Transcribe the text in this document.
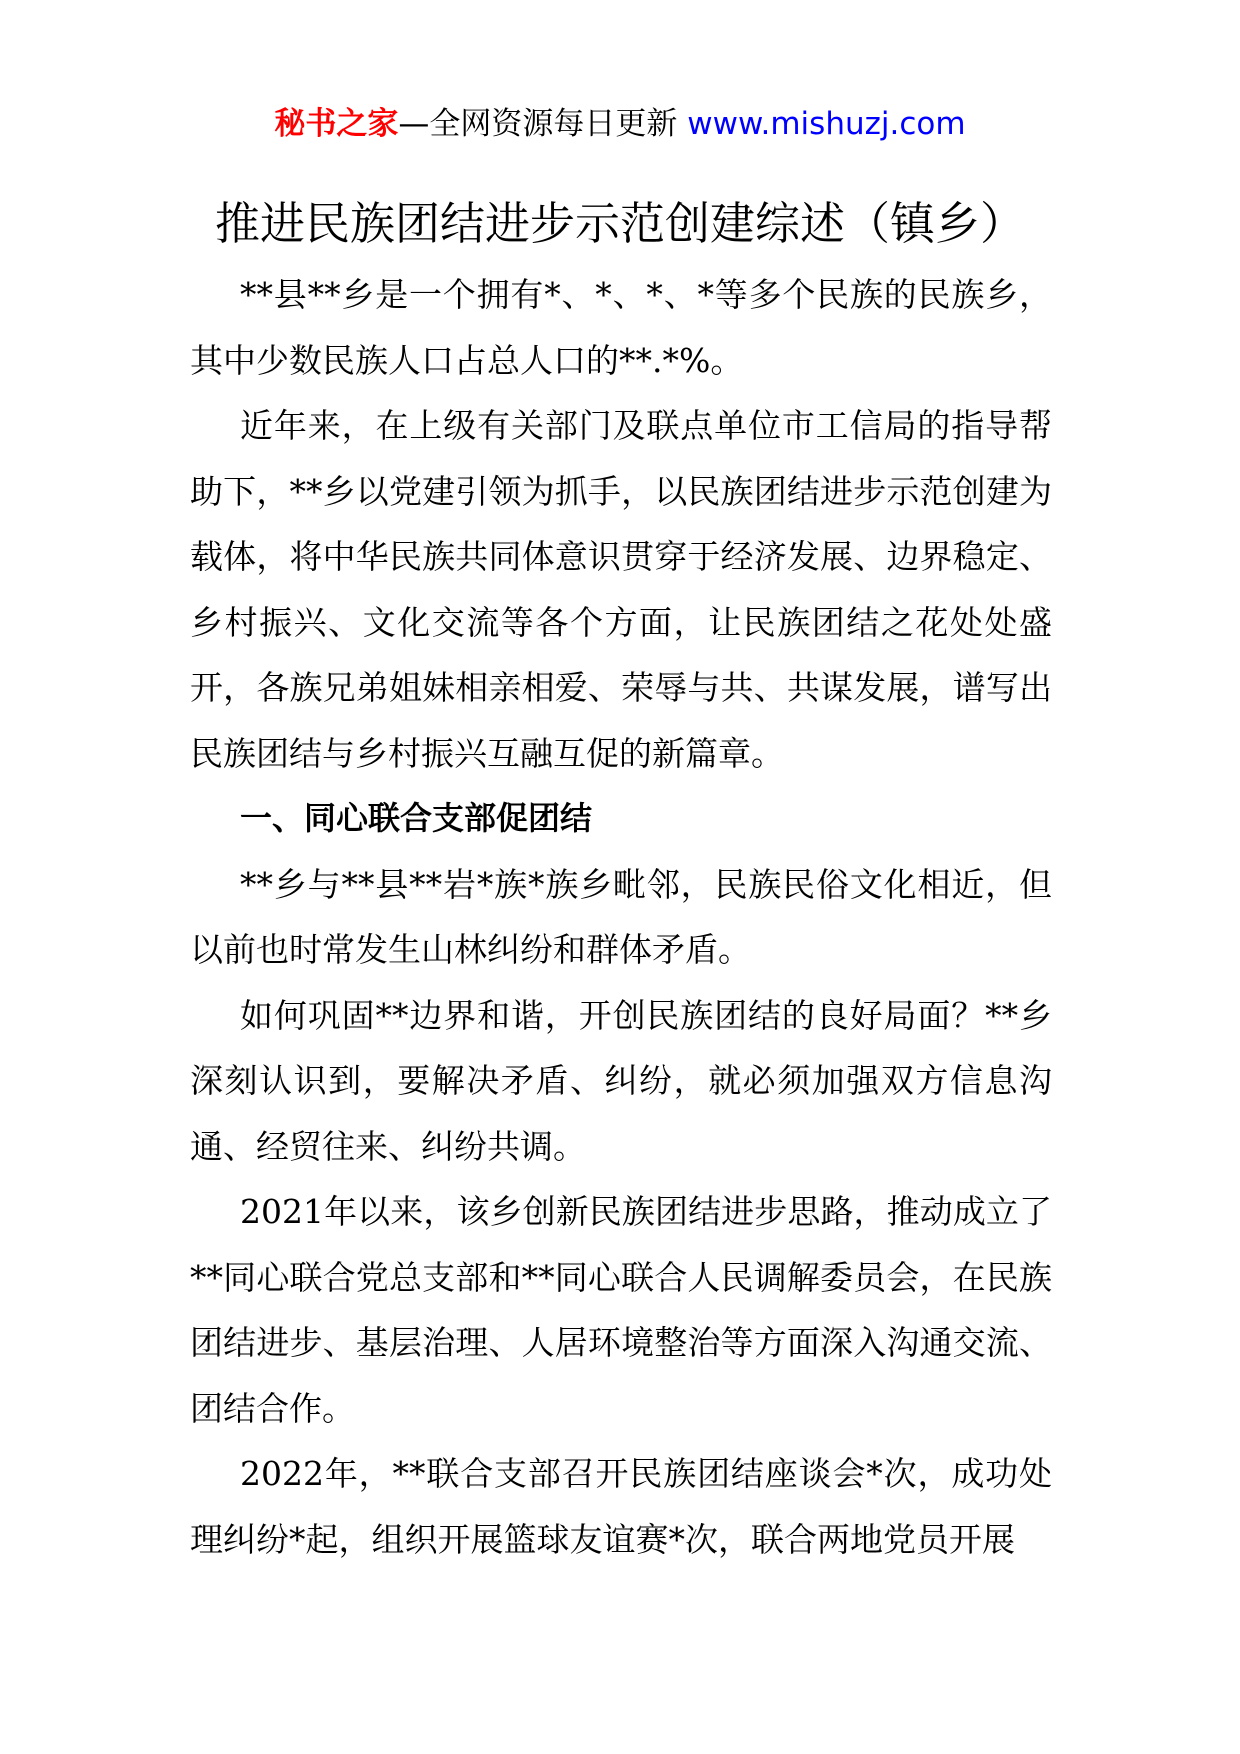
秘书之家—全网资源每日更新 www.mishuzj.com
推进民族团结进步示范创建综述（镇乡）

**县**乡是一个拥有*、*、*、*等多个民族的民族乡，其中少数民族人口占总人口的**.*%。

近年来，在上级有关部门及联点单位市工信局的指导帮助下，**乡以党建引领为抓手，以民族团结进步示范创建为载体，将中华民族共同体意识贯穿于经济发展、边界稳定、乡村振兴、文化交流等各个方面，让民族团结之花处处盛开，各族兄弟姐妹相亲相爱、荣辱与共、共谋发展，谱写出民族团结与乡村振兴互融互促的新篇章。

一、同心联合支部促团结

**乡与**县**岩*族*族乡毗邻，民族民俗文化相近，但以前也时常发生山林纠纷和群体矛盾。

如何巩固**边界和谐，开创民族团结的良好局面？**乡深刻认识到，要解决矛盾、纠纷，就必须加强双方信息沟通、经贸往来、纠纷共调。

2021年以来，该乡创新民族团结进步思路，推动成立了**同心联合党总支部和**同心联合人民调解委员会，在民族团结进步、基层治理、人居环境整治等方面深入沟通交流、团结合作。

2022年，**联合支部召开民族团结座谈会*次，成功处理纠纷*起，组织开展篮球友谊赛*次，联合两地党员开展
